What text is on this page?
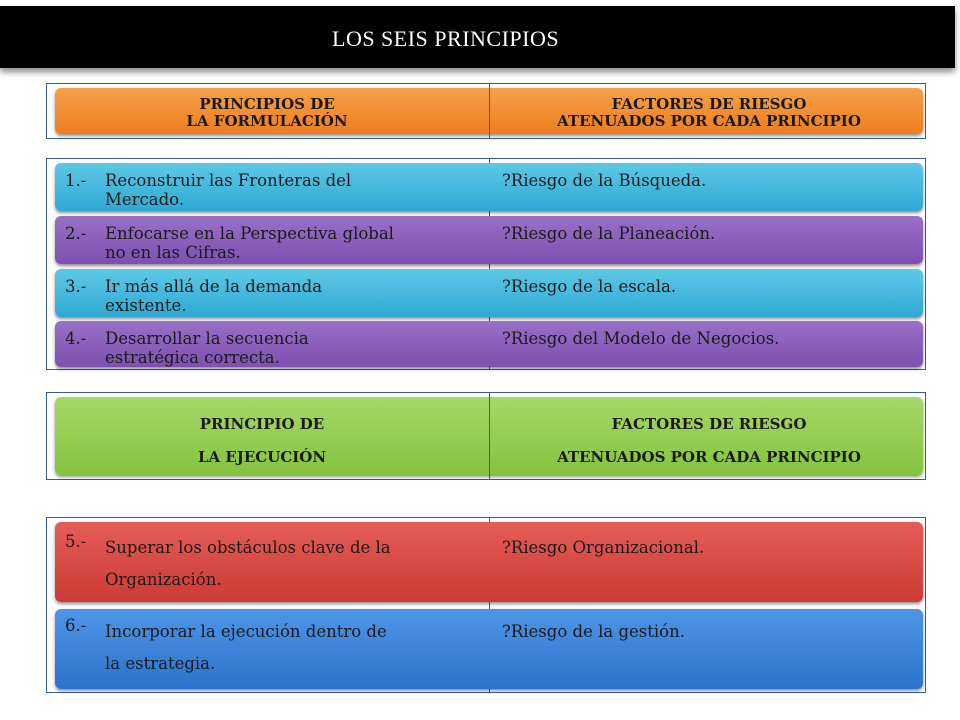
LOS SEIS PRINCIPIOS
PRINCIPIOS DE
LA FORMULACIÓN
FACTORES DE RIESGO
ATENUADOS POR CADA PRINCIPIO
1.- Reconstruir las Fronteras del
Mercado.
?Riesgo de la Búsqueda.
2.- Enfocarse en la Perspectiva global
no en las Cifras.
?Riesgo de la Planeación.
3.- Ir más allá de la demanda
existente.
?Riesgo de la escala.
4.- Desarrollar la secuencia
estratégica correcta.
?Riesgo del Modelo de Negocios.
PRINCIPIO DE
LA EJECUCIÓN
FACTORES DE RIESGO
ATENUADOS POR CADA PRINCIPIO
5.- Superar los obstáculos clave de la
Organización.
?Riesgo Organizacional.
6.- Incorporar la ejecución dentro de
la estrategia.
?Riesgo de la gestión.
